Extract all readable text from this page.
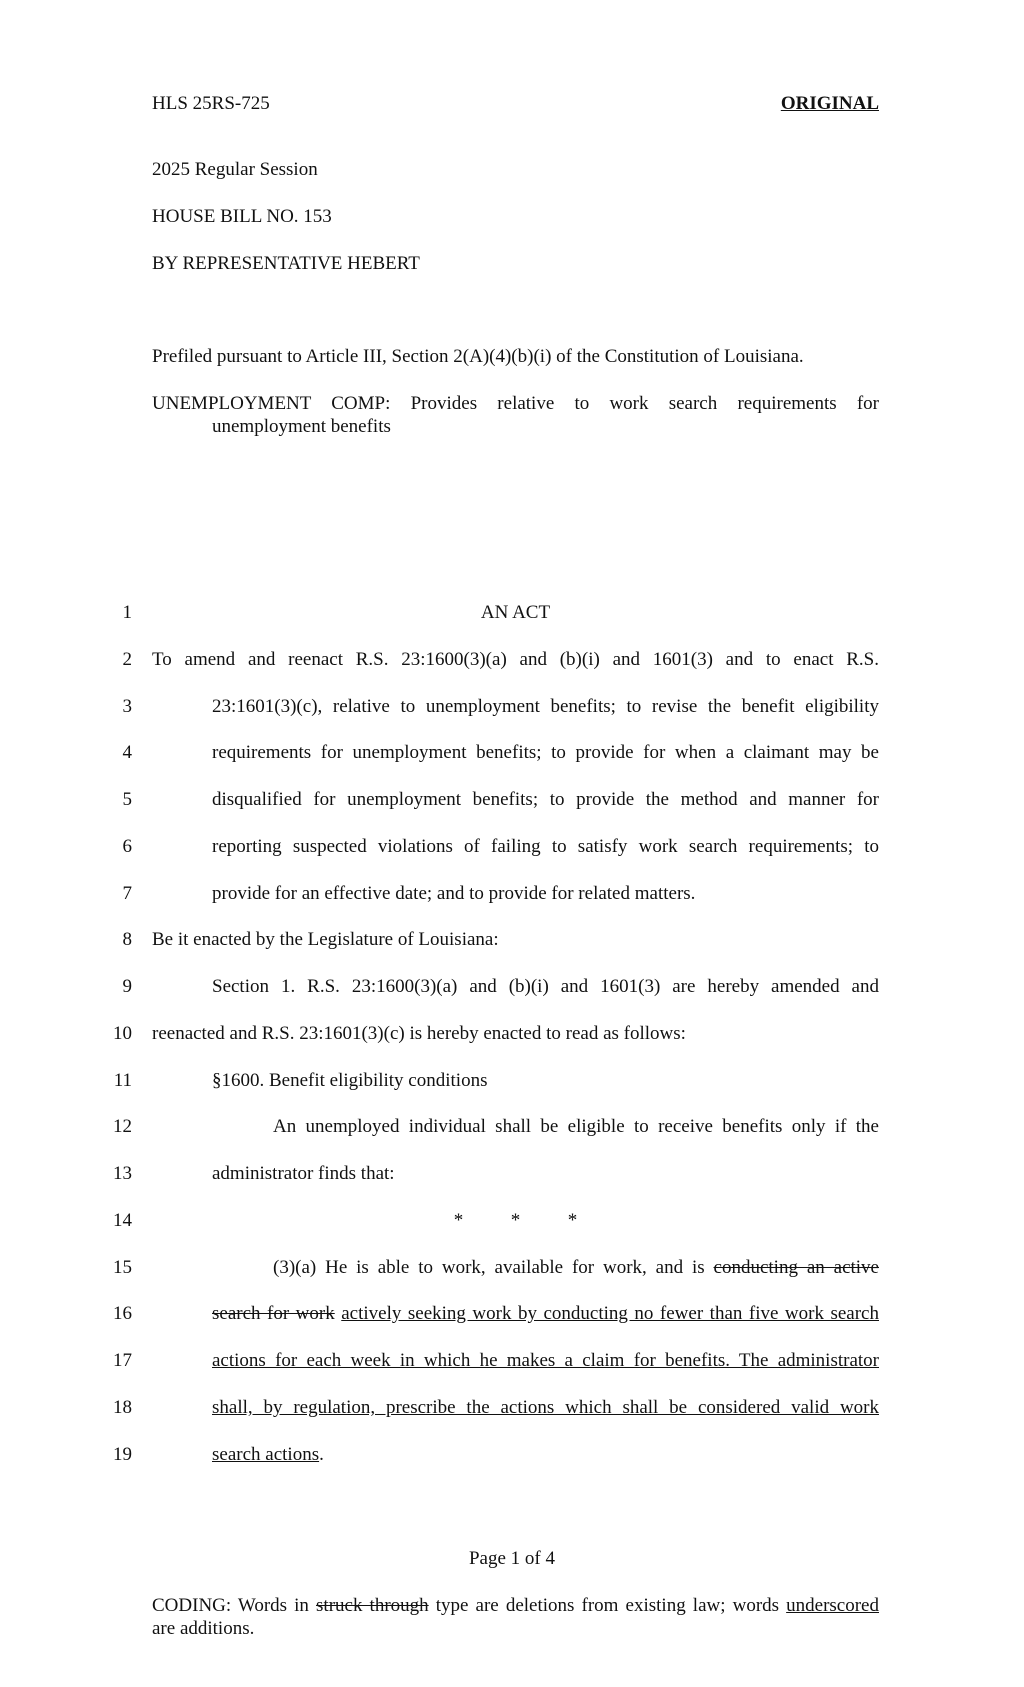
HLS 25RS-725	ORIGINAL
2025 Regular Session
HOUSE BILL NO. 153
BY REPRESENTATIVE HEBERT
Prefiled pursuant to Article III, Section 2(A)(4)(b)(i) of the Constitution of Louisiana.
UNEMPLOYMENT COMP: Provides relative to work search requirements for
unemployment benefits
1
2
3
4
5
6
7
8
9
10
11
12
13
14
15
16
17
18
19
AN ACT
To amend and reenact R.S. 23:1600(3)(a) and (b)(i) and 1601(3) and to enact R.S.
23:1601(3)(c), relative to unemployment benefits; to revise the benefit eligibility
requirements for unemployment benefits; to provide for when a claimant may be
disqualified for unemployment benefits; to provide the method and manner for
reporting suspected violations of failing to satisfy work search requirements; to
provide for an effective date; and to provide for related matters.
Be it enacted by the Legislature of Louisiana:
Section 1. R.S. 23:1600(3)(a) and (b)(i) and 1601(3) are hereby amended and
reenacted and R.S. 23:1601(3)(c) is hereby enacted to read as follows:
§1600. Benefit eligibility conditions
An unemployed individual shall be eligible to receive benefits only if the
administrator finds that:
*          *          *
(3)(a) He is able to work, available for work, and is conducting an active
search for work actively seeking work by conducting no fewer than five work search
actions for each week in which he makes a claim for benefits. The administrator
shall, by regulation, prescribe the actions which shall be considered valid work
search actions.
Page 1 of 4
CODING: Words in struck through type are deletions from existing law; words underscored
are additions.
